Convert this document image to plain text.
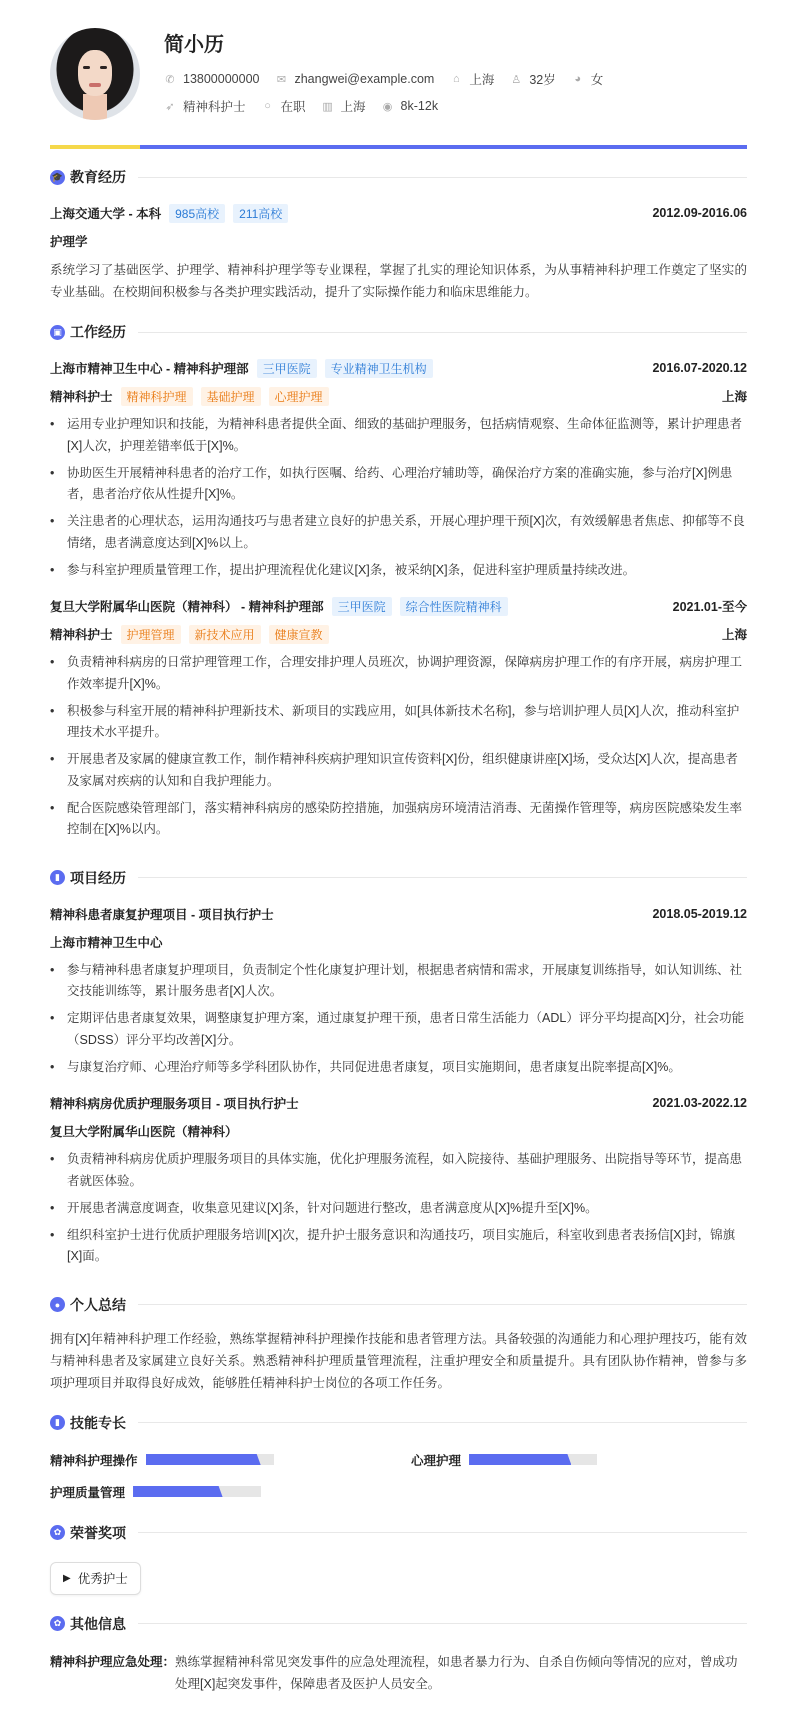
简小历
✆ 13800000000 ✉ zhangwei@example.com ⌂ 上海 ♙ 32岁 ◕ 女
➶ 精神科护士 ○ 在职 ▥ 上海 ◉ 8k-12k
🎓 教育经历
上海交通大学 - 本科	985高校	211高校	2012.09-2016.06
护理学
系统学习了基础医学、护理学、精神科护理学等专业课程，掌握了扎实的理论知识体系，为从事精神科护理工作奠定了坚实的专业基础。在校期间积极参与各类护理实践活动，提升了实际操作能力和临床思维能力。
▣ 工作经历
上海市精神卫生中心 - 精神科护理部	三甲医院	专业精神卫生机构	2016.07-2020.12
精神科护士	精神科护理	基础护理	心理护理	上海
• 运用专业护理知识和技能，为精神科患者提供全面、细致的基础护理服务，包括病情观察、生命体征监测等，累计护理患者[X]人次，护理差错率低于[X]%。
• 协助医生开展精神科患者的治疗工作，如执行医嘱、给药、心理治疗辅助等，确保治疗方案的准确实施，参与治疗[X]例患者，患者治疗依从性提升[X]%。
• 关注患者的心理状态，运用沟通技巧与患者建立良好的护患关系，开展心理护理干预[X]次，有效缓解患者焦虑、抑郁等不良情绪，患者满意度达到[X]%以上。
• 参与科室护理质量管理工作，提出护理流程优化建议[X]条，被采纳[X]条，促进科室护理质量持续改进。
复旦大学附属华山医院（精神科） - 精神科护理部	三甲医院	综合性医院精神科	2021.01-至今
精神科护士	护理管理	新技术应用	健康宣教	上海
• 负责精神科病房的日常护理管理工作，合理安排护理人员班次，协调护理资源，保障病房护理工作的有序开展，病房护理工作效率提升[X]%。
• 积极参与科室开展的精神科护理新技术、新项目的实践应用，如[具体新技术名称]，参与培训护理人员[X]人次，推动科室护理技术水平提升。
• 开展患者及家属的健康宣教工作，制作精神科疾病护理知识宣传资料[X]份，组织健康讲座[X]场，受众达[X]人次，提高患者及家属对疾病的认知和自我护理能力。
• 配合医院感染管理部门，落实精神科病房的感染防控措施，加强病房环境清洁消毒、无菌操作管理等，病房医院感染发生率控制在[X]%以内。
▮ 项目经历
精神科患者康复护理项目 - 项目执行护士	2018.05-2019.12
上海市精神卫生中心
• 参与精神科患者康复护理项目，负责制定个性化康复护理计划，根据患者病情和需求，开展康复训练指导，如认知训练、社交技能训练等，累计服务患者[X]人次。
• 定期评估患者康复效果，调整康复护理方案，通过康复护理干预，患者日常生活能力（ADL）评分平均提高[X]分，社会功能（SDSS）评分平均改善[X]分。
• 与康复治疗师、心理治疗师等多学科团队协作，共同促进患者康复，项目实施期间，患者康复出院率提高[X]%。
精神科病房优质护理服务项目 - 项目执行护士	2021.03-2022.12
复旦大学附属华山医院（精神科）
• 负责精神科病房优质护理服务项目的具体实施，优化护理服务流程，如入院接待、基础护理服务、出院指导等环节，提高患者就医体验。
• 开展患者满意度调查，收集意见建议[X]条，针对问题进行整改，患者满意度从[X]%提升至[X]%。
• 组织科室护士进行优质护理服务培训[X]次，提升护士服务意识和沟通技巧，项目实施后，科室收到患者表扬信[X]封，锦旗[X]面。
● 个人总结
拥有[X]年精神科护理工作经验，熟练掌握精神科护理操作技能和患者管理方法。具备较强的沟通能力和心理护理技巧，能有效与精神科患者及家属建立良好关系。熟悉精神科护理质量管理流程，注重护理安全和质量提升。具有团队协作精神，曾参与多项护理项目并取得良好成效，能够胜任精神科护士岗位的各项工作任务。
▮ 技能专长
精神科护理操作	心理护理
护理质量管理
✿ 荣誉奖项
▶ 优秀护士
✿ 其他信息
精神科护理应急处理： 熟练掌握精神科常见突发事件的应急处理流程，如患者暴力行为、自杀自伤倾向等情况的应对，曾成功处理[X]起突发事件，保障患者及医护人员安全。
